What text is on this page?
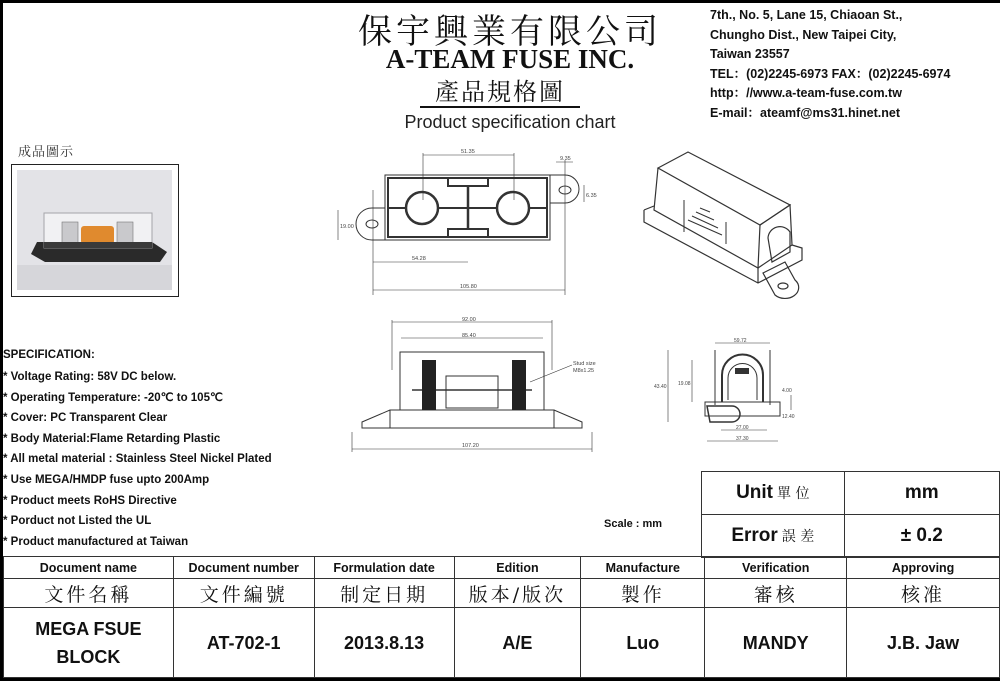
保宇興業有限公司
A-TEAM FUSE INC.
產品規格圖
Product specification chart
7th., No. 5, Lane 15, Chiaoan St.,
Chungho Dist., New Taipei City,
Taiwan 23557
TEL：(02)2245-6973 FAX：(02)2245-6974
http：//www.a-team-fuse.com.tw
E-mail：ateamf@ms31.hinet.net
成品圖示
SPECIFICATION:
* Voltage Rating: 58V DC below.
* Operating Temperature: -20℃ to 105℃
* Cover: PC Transparent Clear
* Body Material:Flame Retarding Plastic
* All metal material : Stainless Steel Nickel Plated
* Use MEGA/HMDP fuse upto 200Amp
* Product meets RoHS Directive
* Porduct not Listed the UL
* Product manufactured at Taiwan
51.35
9.35
6.35
19.00
54.28
105.80
92.00
85.40
Stud size
M8x1.25
107.20
59.72
43.40 19.08
4.00
12.40
27.00
37.30
Scale : mm
Unit 單 位	mm
Error 誤 差	± 0.2
Document name	Document number	Formulation date	Edition	Manufacture	Verification	Approving
文件名稱	文件編號	制定日期	版本/版次	製作	審核	核准

MEGA FSUE
BLOCK	AT-702-1	2013.8.13	A/E	Luo	MANDY	J.B. Jaw
